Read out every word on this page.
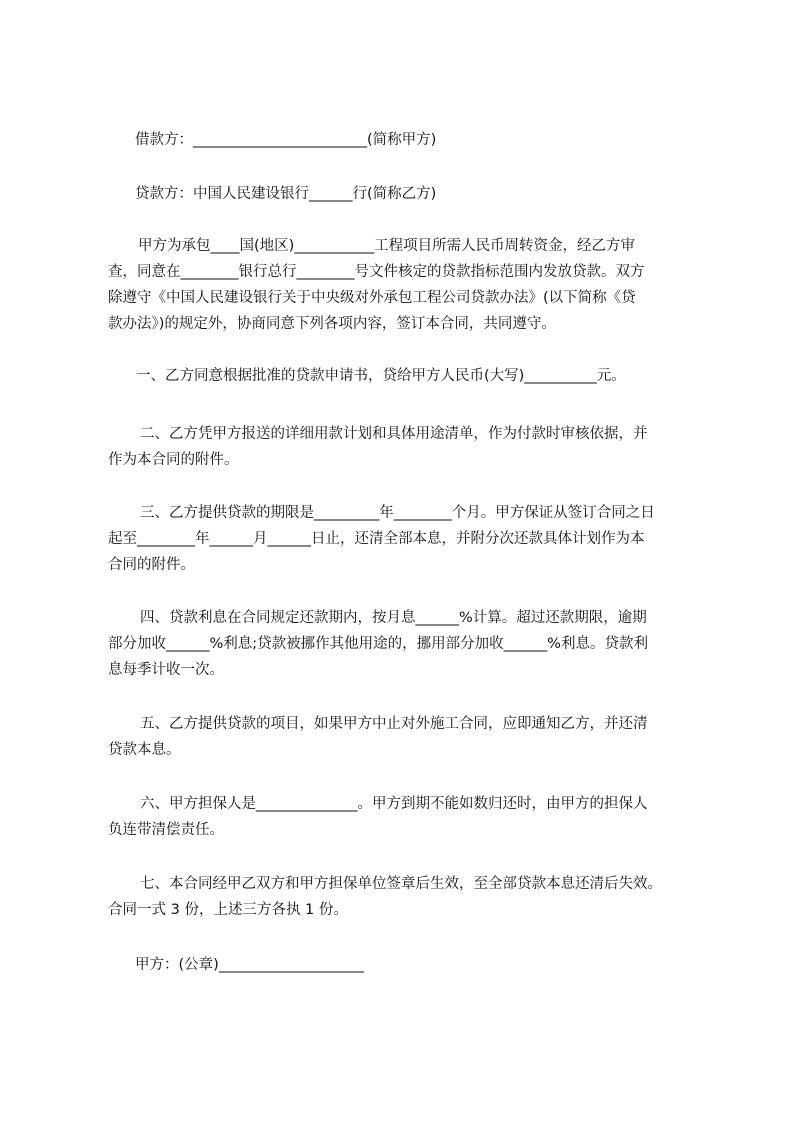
借款方：________________________(简称甲方)
贷款方：中国人民建设银行______行(简称乙方)
甲方为承包____国(地区)___________工程项目所需人民币周转资金，经乙方审
查，同意在________银行总行________号文件核定的贷款指标范围内发放贷款。双方
除遵守《中国人民建设银行关于中央级对外承包工程公司贷款办法》(以下简称《贷
款办法》)的规定外，协商同意下列各项内容，签订本合同，共同遵守。
一、乙方同意根据批准的贷款申请书，贷给甲方人民币(大写)__________元。
二、乙方凭甲方报送的详细用款计划和具体用途清单，作为付款时审核依据，并
作为本合同的附件。
三、乙方提供贷款的期限是_________年________个月。甲方保证从签订合同之日
起至________年______月______日止，还清全部本息，并附分次还款具体计划作为本
合同的附件。
四、贷款利息在合同规定还款期内，按月息______%计算。超过还款期限，逾期
部分加收______%利息;贷款被挪作其他用途的，挪用部分加收______%利息。贷款利
息每季计收一次。
五、乙方提供贷款的项目，如果甲方中止对外施工合同，应即通知乙方，并还清
贷款本息。
六、甲方担保人是______________。甲方到期不能如数归还时，由甲方的担保人
负连带清偿责任。
七、本合同经甲乙双方和甲方担保单位签章后生效，至全部贷款本息还清后失效。
合同一式 3 份，上述三方各执 1 份。
甲方：(公章)____________________
